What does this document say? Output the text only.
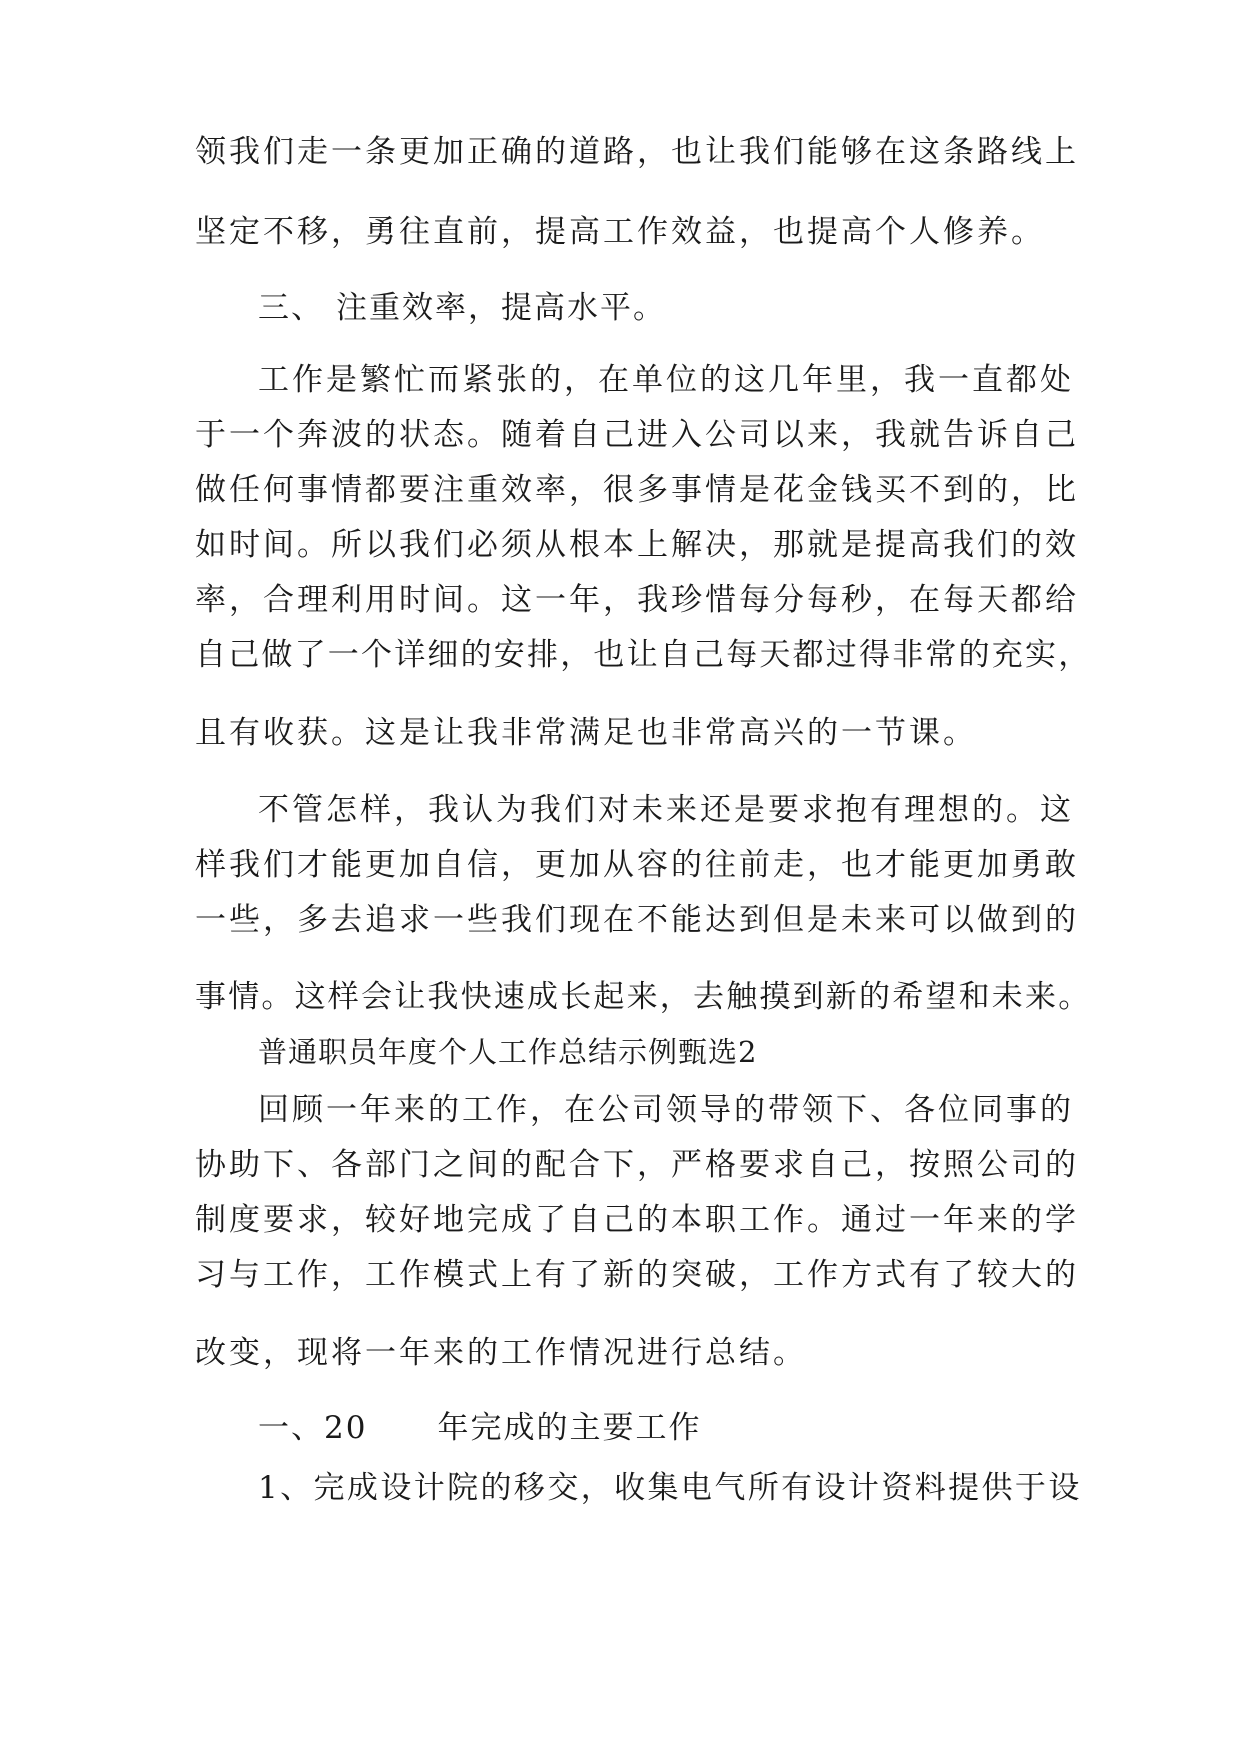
领我们走一条更加正确的道路，也让我们能够在这条路线上
坚定不移，勇往直前，提高工作效益，也提高个人修养。
三、 注重效率，提高水平。
工作是繁忙而紧张的，在单位的这几年里，我一直都处
于一个奔波的状态。随着自己进入公司以来，我就告诉自己
做任何事情都要注重效率，很多事情是花金钱买不到的，比
如时间。所以我们必须从根本上解决，那就是提高我们的效
率，合理利用时间。这一年，我珍惜每分每秒，在每天都给
自己做了一个详细的安排，也让自己每天都过得非常的充实，
且有收获。这是让我非常满足也非常高兴的一节课。
不管怎样，我认为我们对未来还是要求抱有理想的。这
样我们才能更加自信，更加从容的往前走，也才能更加勇敢
一些，多去追求一些我们现在不能达到但是未来可以做到的
事情。这样会让我快速成长起来，去触摸到新的希望和未来。
普通职员年度个人工作总结示例甄选2
回顾一年来的工作，在公司领导的带领下、各位同事的
协助下、各部门之间的配合下，严格要求自己，按照公司的
制度要求，较好地完成了自己的本职工作。通过一年来的学
习与工作，工作模式上有了新的突破，工作方式有了较大的
改变，现将一年来的工作情况进行总结。
一、20 年完成的主要工作
1、完成设计院的移交，收集电气所有设计资料提供于设
